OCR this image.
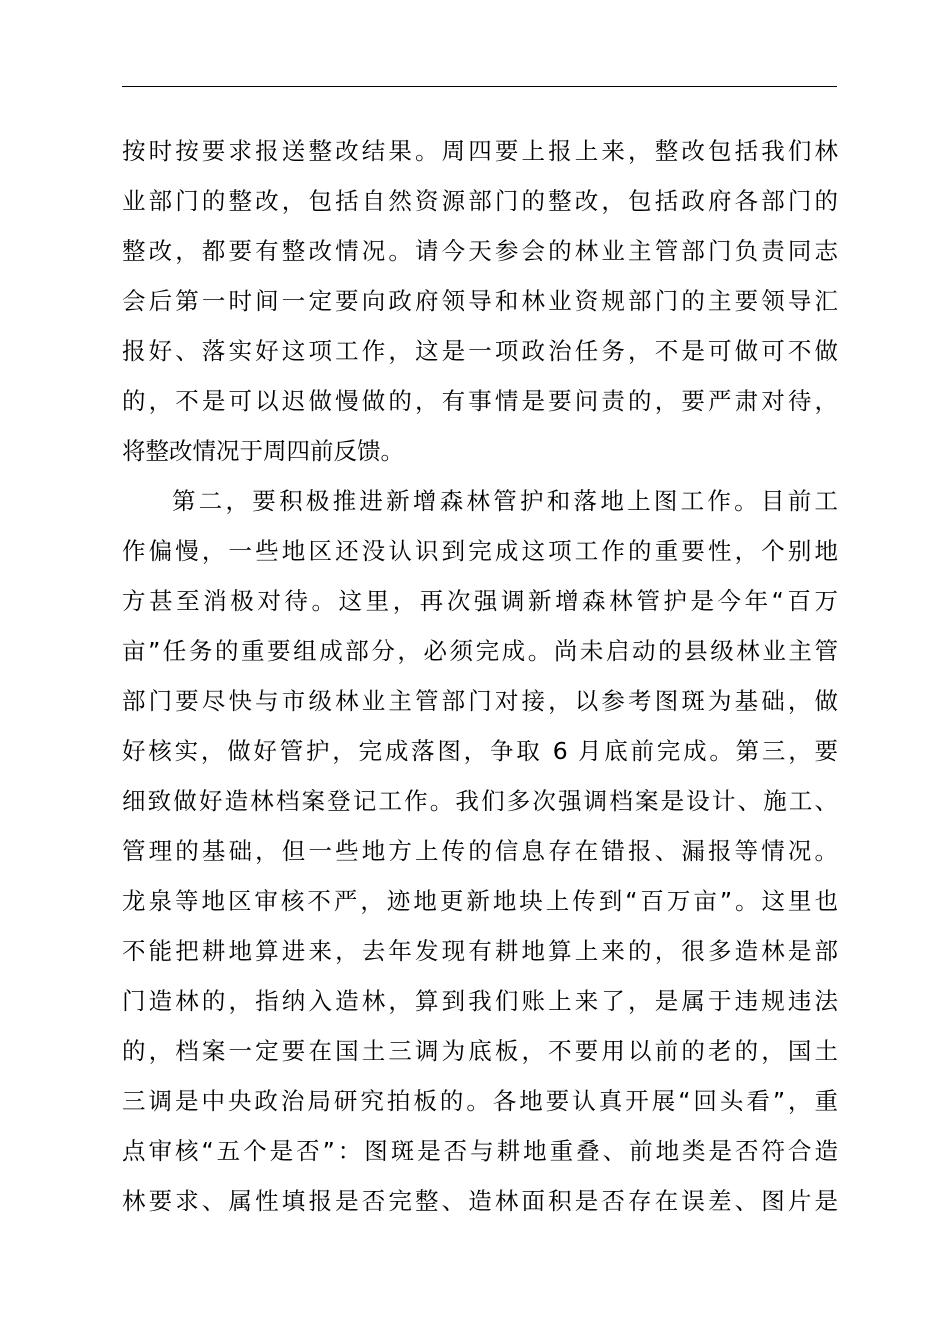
按时按要求报送整改结果。周四要上报上来，整改包括我们林
业部门的整改，包括自然资源部门的整改，包括政府各部门的
整改，都要有整改情况。请今天参会的林业主管部门负责同志
会后第一时间一定要向政府领导和林业资规部门的主要领导汇
报好、落实好这项工作，这是一项政治任务，不是可做可不做
的，不是可以迟做慢做的，有事情是要问责的，要严肃对待，
将整改情况于周四前反馈。
第二，要积极推进新增森林管护和落地上图工作。目前工
作偏慢，一些地区还没认识到完成这项工作的重要性，个别地
方甚至消极对待。这里，再次强调新增森林管护是今年“百万
亩”任务的重要组成部分，必须完成。尚未启动的县级林业主管
部门要尽快与市级林业主管部门对接，以参考图斑为基础，做
好核实，做好管护，完成落图，争取 6 月底前完成。第三，要
细致做好造林档案登记工作。我们多次强调档案是设计、施工、
管理的基础，但一些地方上传的信息存在错报、漏报等情况。
龙泉等地区审核不严，迹地更新地块上传到“百万亩”。这里也
不能把耕地算进来，去年发现有耕地算上来的，很多造林是部
门造林的，指纳入造林，算到我们账上来了，是属于违规违法
的，档案一定要在国土三调为底板，不要用以前的老的，国土
三调是中央政治局研究拍板的。各地要认真开展“回头看”，重
点审核“五个是否”：图斑是否与耕地重叠、前地类是否符合造
林要求、属性填报是否完整、造林面积是否存在误差、图片是
